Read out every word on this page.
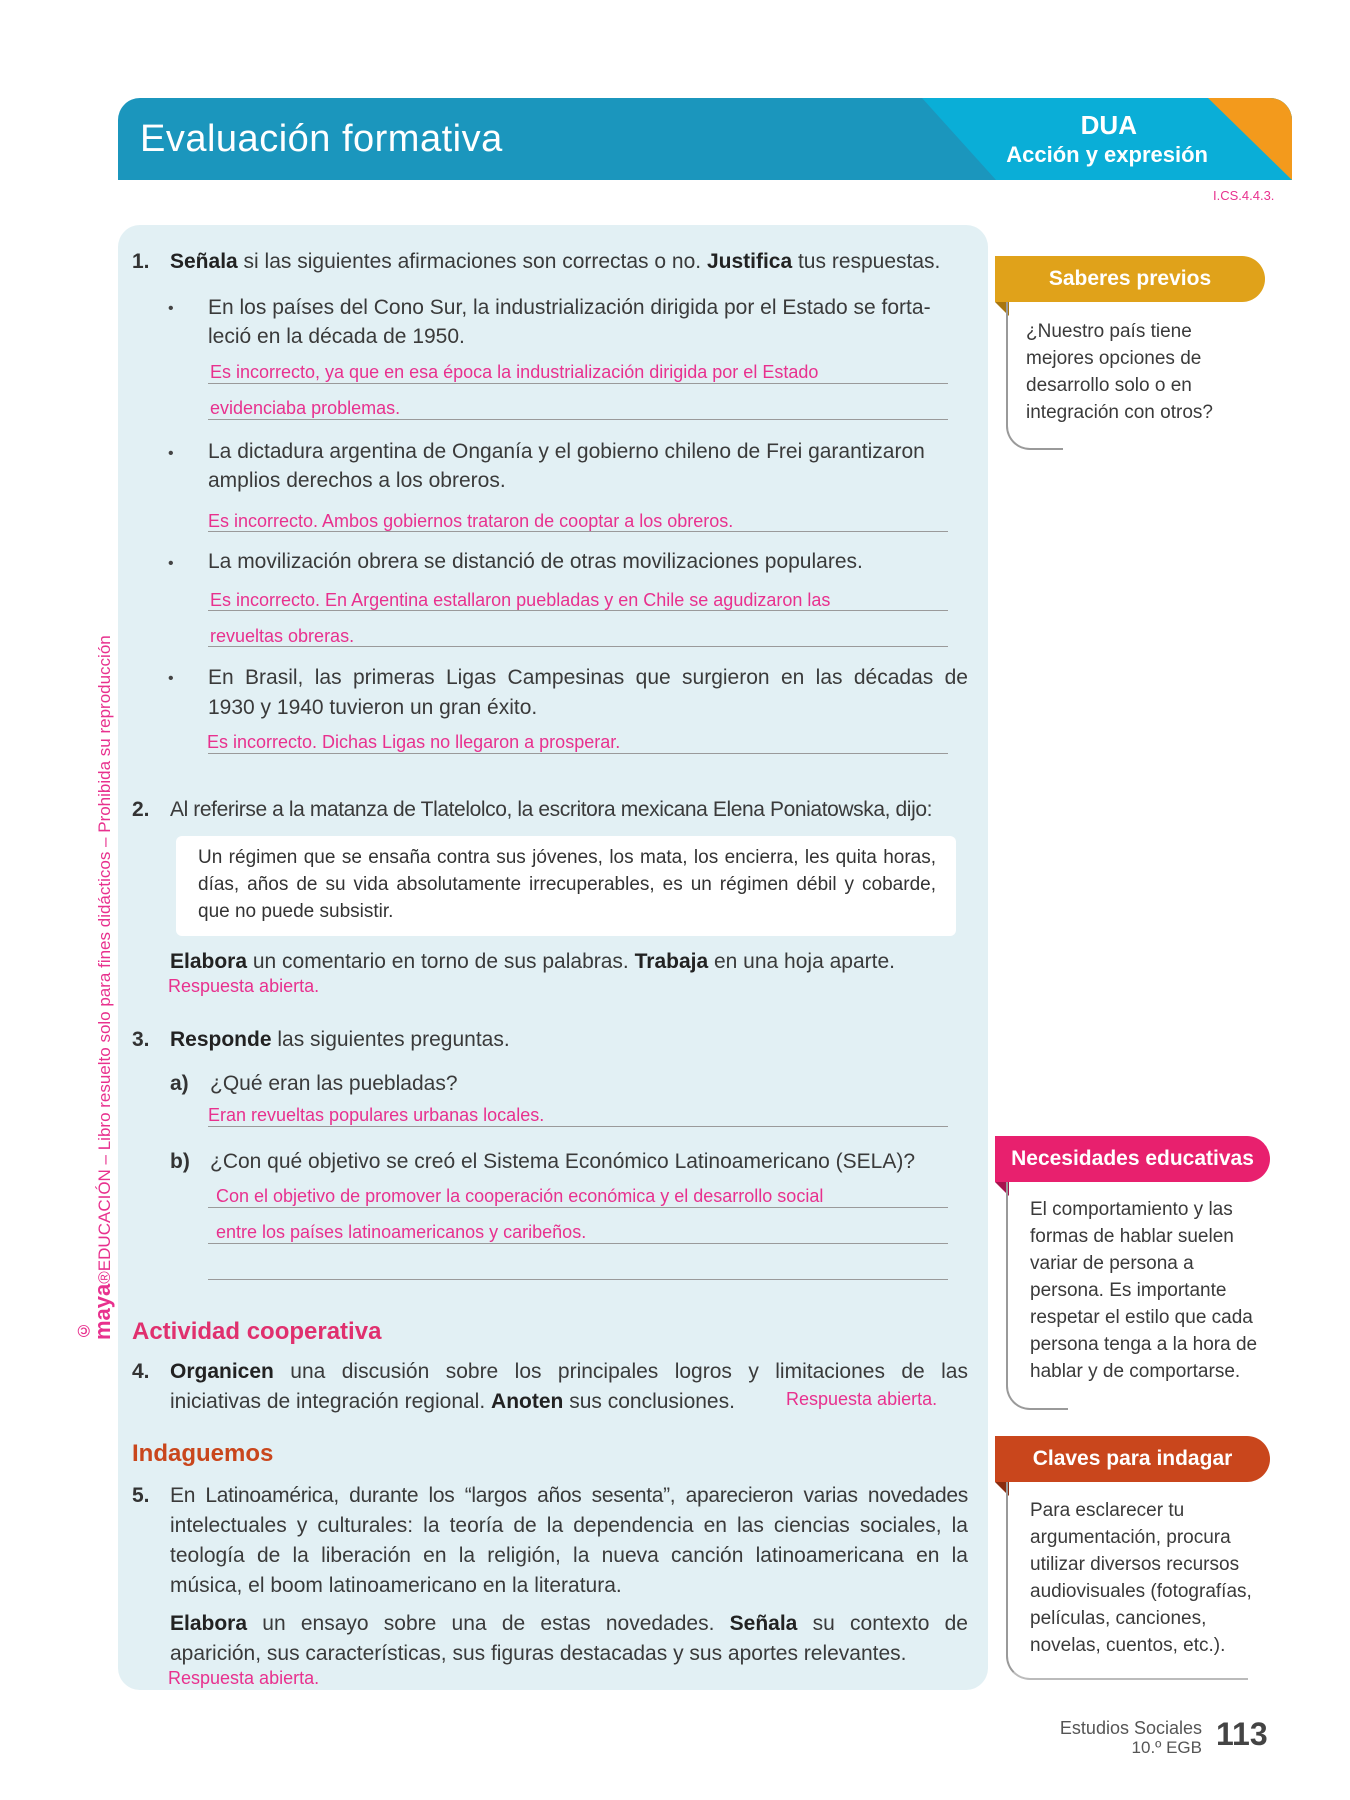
Evaluación formativa	DUA
Acción y expresión
I.CS.4.4.3.
© maya®EDUCACIÓN – Libro resuelto solo para fines didácticos – Prohibida su reproducción
1. Señala si las siguientes afirmaciones son correctas o no. Justifica tus respuestas.
• En los países del Cono Sur, la industrialización dirigida por el Estado se forta-
leció en la década de 1950.
Es incorrecto, ya que en esa época la industrialización dirigida por el Estado
evidenciaba problemas.
• La dictadura argentina de Onganía y el gobierno chileno de Frei garantizaron
amplios derechos a los obreros.
Es incorrecto. Ambos gobiernos trataron de cooptar a los obreros.
• La movilización obrera se distanció de otras movilizaciones populares.
Es incorrecto. En Argentina estallaron puebladas y en Chile se agudizaron las
revueltas obreras.
• En Brasil, las primeras Ligas Campesinas que surgieron en las décadas de
1930 y 1940 tuvieron un gran éxito.
Es incorrecto. Dichas Ligas no llegaron a prosperar.
2. Al referirse a la matanza de Tlatelolco, la escritora mexicana Elena Poniatowska, dijo:
Un régimen que se ensaña contra sus jóvenes, los mata, los encierra, les quita horas, días, años de su vida absolutamente irrecuperables, es un régimen débil y cobarde, que no puede subsistir.
Elabora un comentario en torno de sus palabras. Trabaja en una hoja aparte.
Respuesta abierta.
3. Responde las siguientes preguntas.
a) ¿Qué eran las puebladas?
Eran revueltas populares urbanas locales.
b) ¿Con qué objetivo se creó el Sistema Económico Latinoamericano (SELA)?
Con el objetivo de promover la cooperación económica y el desarrollo social
entre los países latinoamericanos y caribeños.
Actividad cooperativa
4. Organicen una discusión sobre los principales logros y limitaciones de las
iniciativas de integración regional. Anoten sus conclusiones.	Respuesta abierta.
Indaguemos
5. En Latinoamérica, durante los “largos años sesenta”, aparecieron varias novedades
intelectuales y culturales: la teoría de la dependencia en las ciencias sociales, la
teología de la liberación en la religión, la nueva canción latinoamericana en la
música, el boom latinoamericano en la literatura.
Elabora un ensayo sobre una de estas novedades. Señala su contexto de
aparición, sus características, sus figuras destacadas y sus aportes relevantes.
Respuesta abierta.
Saberes previos
¿Nuestro país tiene
mejores opciones de
desarrollo solo o en
integración con otros?
Necesidades educativas
El comportamiento y las
formas de hablar suelen
variar de persona a
persona. Es importante
respetar el estilo que cada
persona tenga a la hora de
hablar y de comportarse.
Claves para indagar
Para esclarecer tu
argumentación, procura
utilizar diversos recursos
audiovisuales (fotografías,
películas, canciones,
novelas, cuentos, etc.).
Estudios Sociales
10.º EGB 113
